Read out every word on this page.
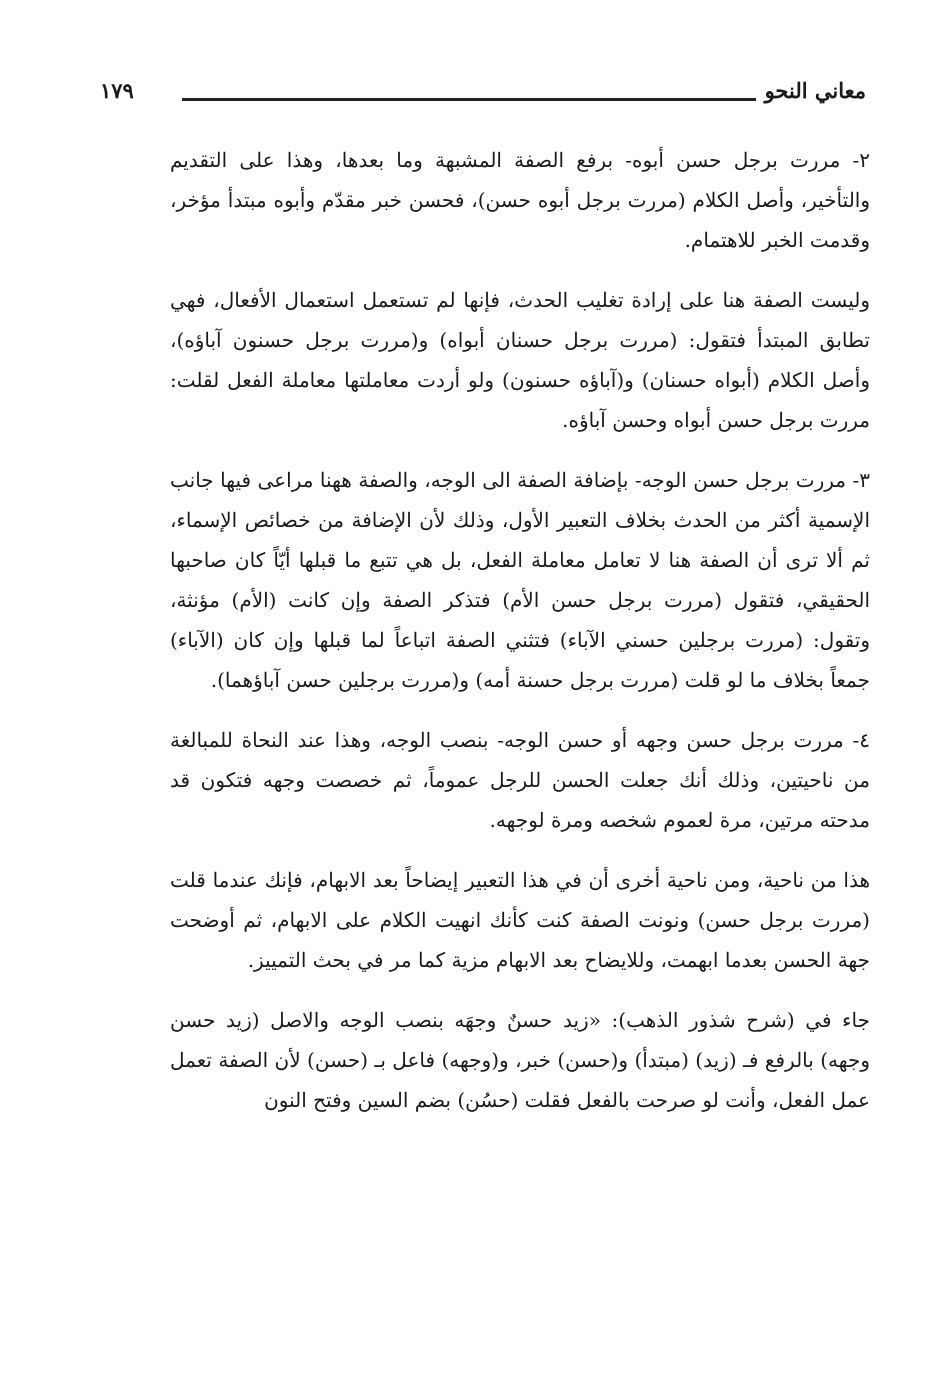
معاني النحو
١٧٩

٢- مررت برجل حسن أبوه- برفع الصفة المشبهة وما بعدها، وهذا على التقديم والتأخير، وأصل الكلام (مررت برجل أبوه حسن)، فحسن خبر مقدّم وأبوه مبتدأ مؤخر، وقدمت الخبر للاهتمام.

وليست الصفة هنا على إرادة تغليب الحدث، فإنها لم تستعمل استعمال الأفعال، فهي تطابق المبتدأ فتقول: (مررت برجل حسنان أبواه) و(مررت برجل حسنون آباؤه)، وأصل الكلام (أبواه حسنان) و(آباؤه حسنون) ولو أردت معاملتها معاملة الفعل لقلت: مررت برجل حسن أبواه وحسن آباؤه.

٣- مررت برجل حسن الوجه- بإضافة الصفة الى الوجه، والصفة ههنا مراعى فيها جانب الإسمية أكثر من الحدث بخلاف التعبير الأول، وذلك لأن الإضافة من خصائص الإسماء، ثم ألا ترى أن الصفة هنا لا تعامل معاملة الفعل، بل هي تتبع ما قبلها أيّاً كان صاحبها الحقيقي، فتقول (مررت برجل حسن الأم) فتذكر الصفة وإن كانت (الأم) مؤنثة، وتقول: (مررت برجلين حسني الآباء) فتثني الصفة اتباعاً لما قبلها وإن كان (الآباء) جمعاً بخلاف ما لو قلت (مررت برجل حسنة أمه) و(مررت برجلين حسن آباؤهما).

٤- مررت برجل حسن وجهه أو حسن الوجه- بنصب الوجه، وهذا عند النحاة للمبالغة من ناحيتين، وذلك أنك جعلت الحسن للرجل عموماً، ثم خصصت وجهه فتكون قد مدحته مرتين، مرة لعموم شخصه ومرة لوجهه.

هذا من ناحية، ومن ناحية أخرى أن في هذا التعبير إيضاحاً بعد الابهام، فإنك عندما قلت (مررت برجل حسن) ونونت الصفة كنت كأنك انهيت الكلام على الابهام، ثم أوضحت جهة الحسن بعدما ابهمت، وللايضاح بعد الابهام مزية كما مر في بحث التمييز.

جاء في (شرح شذور الذهب): «زيد حسنٌ وجهَه بنصب الوجه والاصل (زيد حسن وجهه) بالرفع فـ (زيد) (مبتدأ) و(حسن) خبر، و(وجهه) فاعل بـ (حسن) لأن الصفة تعمل عمل الفعل، وأنت لو صرحت بالفعل فقلت (حسُن) بضم السين وفتح النون
